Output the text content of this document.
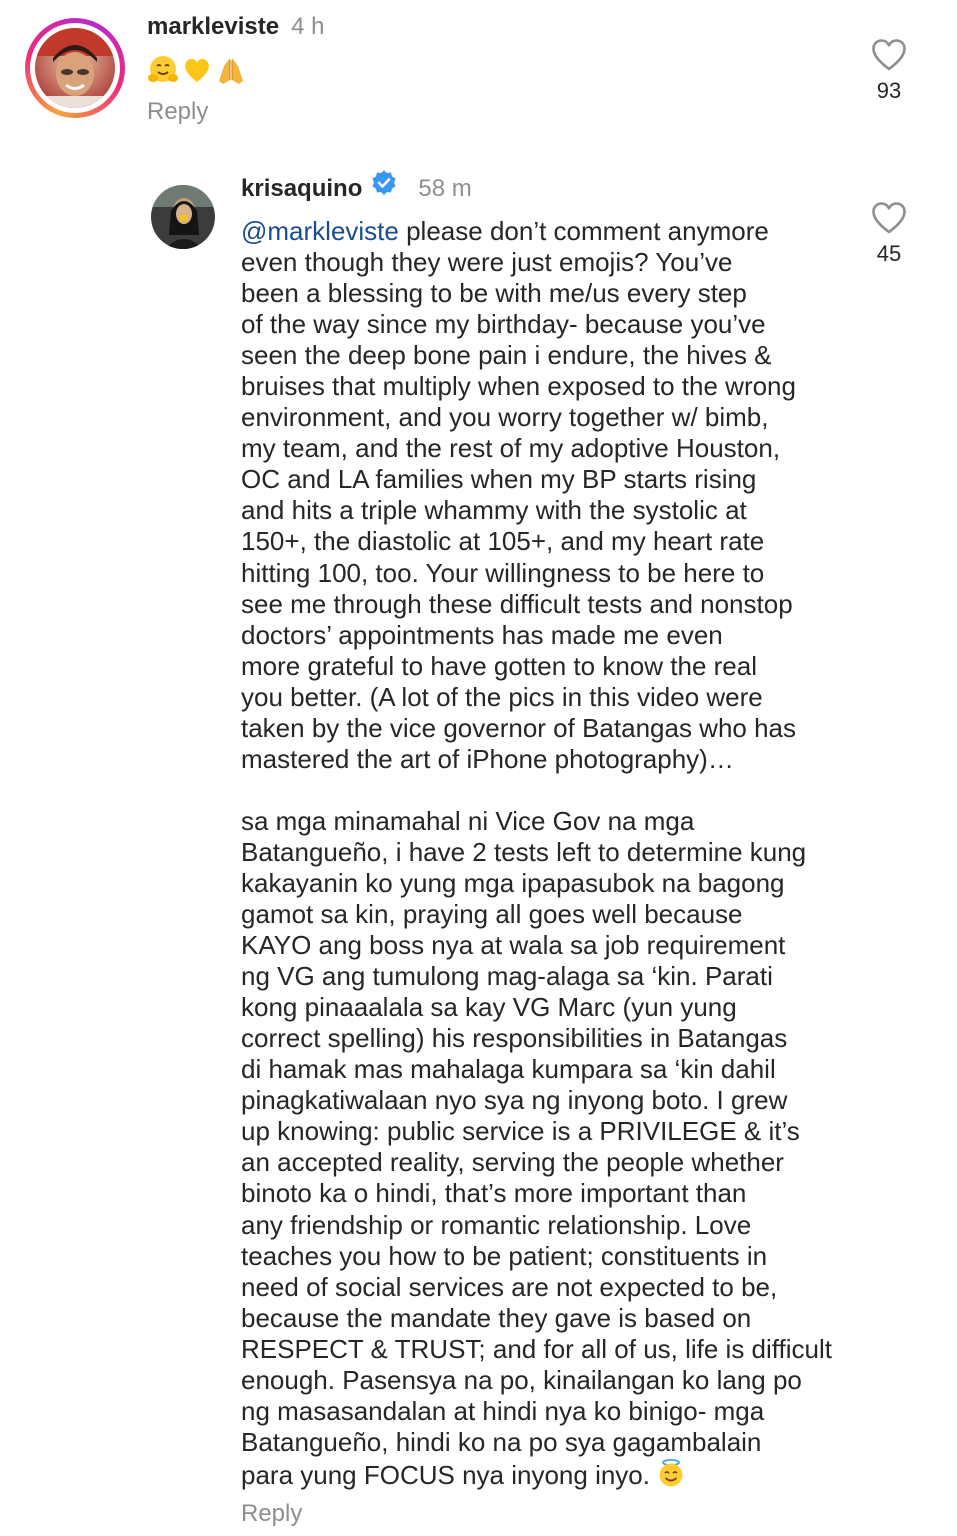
markleviste 4 h
Reply
93
krisaquino 58 m
@markleviste please don’t comment anymore
even though they were just emojis? You’ve
been a blessing to be with me/us every step
of the way since my birthday- because you’ve
seen the deep bone pain i endure, the hives &
bruises that multiply when exposed to the wrong
environment, and you worry together w/ bimb,
my team, and the rest of my adoptive Houston,
OC and LA families when my BP starts rising
and hits a triple whammy with the systolic at
150+, the diastolic at 105+, and my heart rate
hitting 100, too. Your willingness to be here to
see me through these difficult tests and nonstop
doctors’ appointments has made me even
more grateful to have gotten to know the real
you better. (A lot of the pics in this video were
taken by the vice governor of Batangas who has
mastered the art of iPhone photography)…
sa mga minamahal ni Vice Gov na mga
Batangueño, i have 2 tests left to determine kung
kakayanin ko yung mga ipapasubok na bagong
gamot sa kin, praying all goes well because
KAYO ang boss nya at wala sa job requirement
ng VG ang tumulong mag-alaga sa ‘kin. Parati
kong pinaaalala sa kay VG Marc (yun yung
correct spelling) his responsibilities in Batangas
di hamak mas mahalaga kumpara sa ‘kin dahil
pinagkatiwalaan nyo sya ng inyong boto. I grew
up knowing: public service is a PRIVILEGE & it’s
an accepted reality, serving the people whether
binoto ka o hindi, that’s more important than
any friendship or romantic relationship. Love
teaches you how to be patient; constituents in
need of social services are not expected to be,
because the mandate they gave is based on
RESPECT & TRUST; and for all of us, life is difficult
enough. Pasensya na po, kinailangan ko lang po
ng masasandalan at hindi nya ko binigo- mga
Batangueño, hindi ko na po sya gagambalain
para yung FOCUS nya inyong inyo.
Reply
45
